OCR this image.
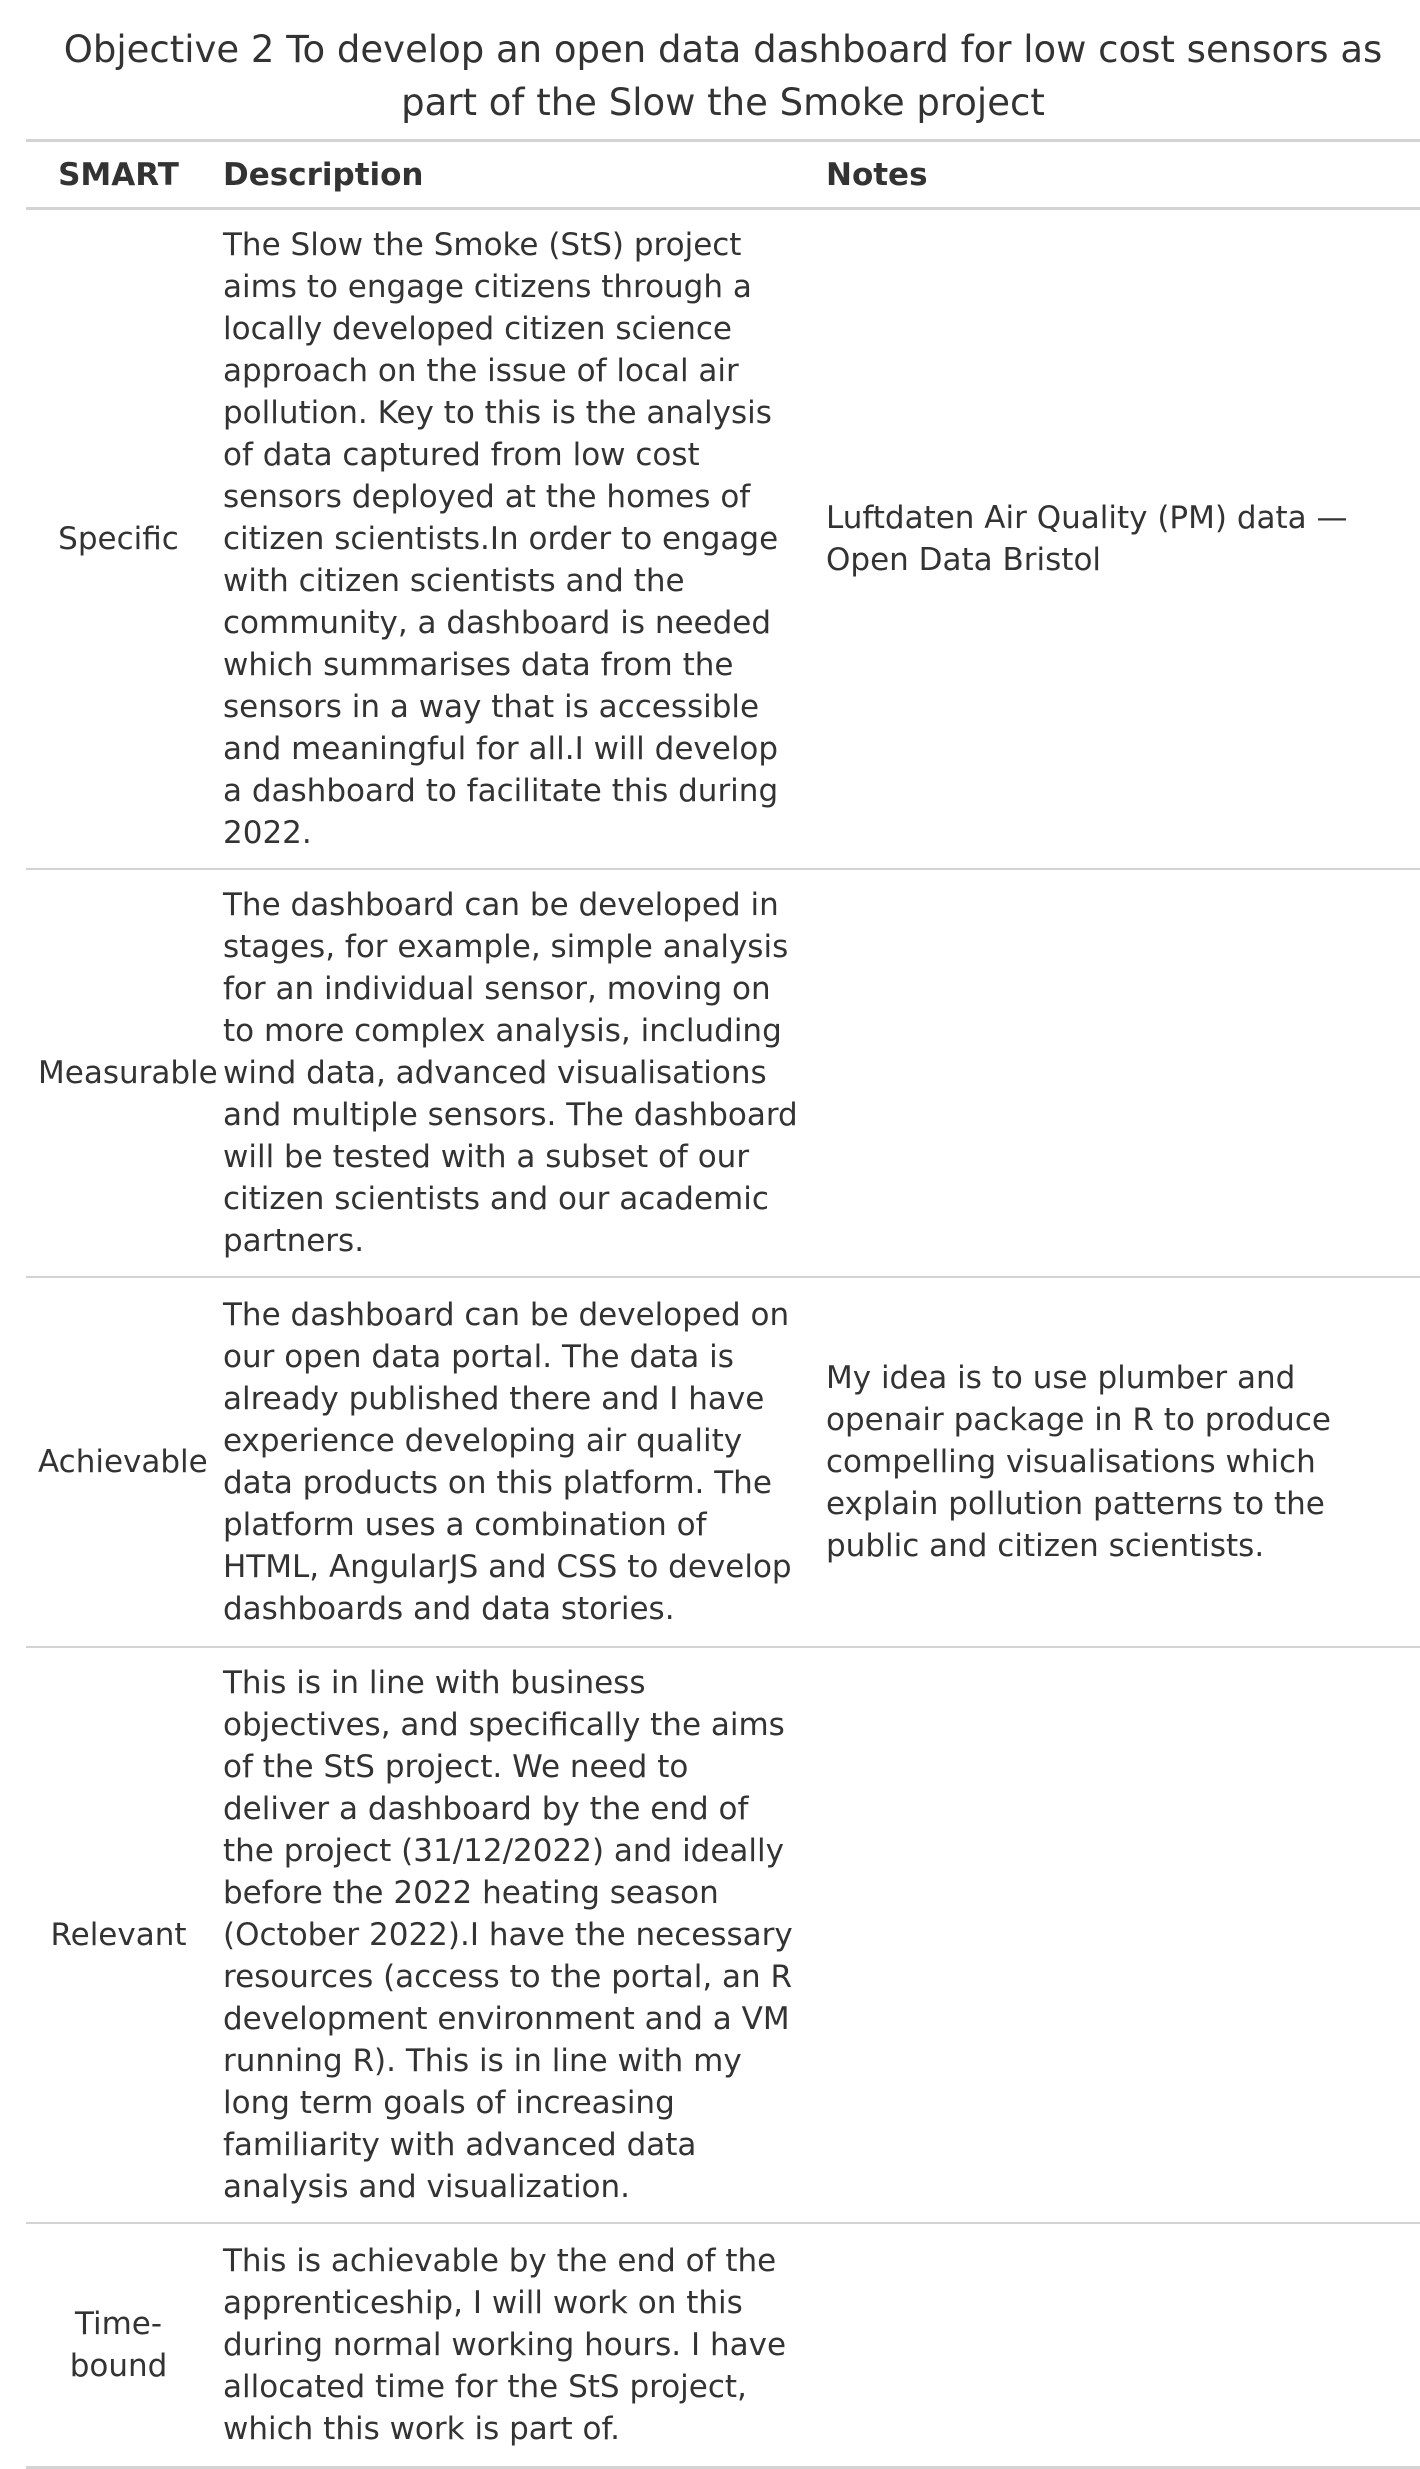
Objective 2 To develop an open data dashboard for low cost sensors as part of the Slow the Smoke project
SMART	Description	Notes
Specific	The Slow the Smoke (StS) project aims to engage citizens through a locally developed citizen science approach on the issue of local air pollution. Key to this is the analysis of data captured from low cost sensors deployed at the homes of citizen scientists.In order to engage with citizen scientists and the community, a dashboard is needed which summarises data from the sensors in a way that is accessible and meaningful for all.I will develop a dashboard to facilitate this during 2022.	Luftdaten Air Quality (PM) data — Open Data Bristol
Measurable	The dashboard can be developed in stages, for example, simple analysis for an individual sensor, moving on to more complex analysis, including wind data, advanced visualisations and multiple sensors. The dashboard will be tested with a subset of our citizen scientists and our academic partners.	
Achievable	The dashboard can be developed on our open data portal. The data is already published there and I have experience developing air quality data products on this platform. The platform uses a combination of HTML, AngularJS and CSS to develop dashboards and data stories.	My idea is to use plumber and openair package in R to produce compelling visualisations which explain pollution patterns to the public and citizen scientists.
Relevant	This is in line with business objectives, and specifically the aims of the StS project. We need to deliver a dashboard by the end of the project (31/12/2022) and ideally before the 2022 heating season (October 2022).I have the necessary resources (access to the portal, an R development environment and a VM running R). This is in line with my long term goals of increasing familiarity with advanced data analysis and visualization.	
Time-bound	This is achievable by the end of the apprenticeship, I will work on this during normal working hours. I have allocated time for the StS project, which this work is part of.	
